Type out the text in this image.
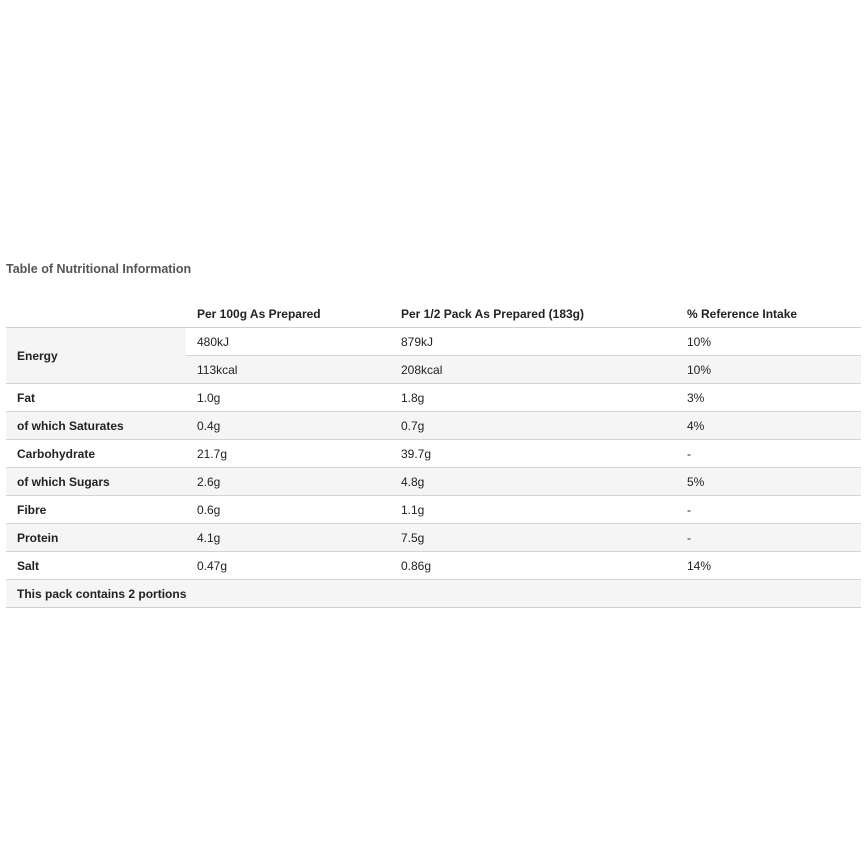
Table of Nutritional Information
	Per 100g As Prepared	Per 1/2 Pack As Prepared (183g)	% Reference Intake
Energy	480kJ	879kJ	10%
	113kcal	208kcal	10%
Fat	1.0g	1.8g	3%
of which Saturates	0.4g	0.7g	4%
Carbohydrate	21.7g	39.7g	-
of which Sugars	2.6g	4.8g	5%
Fibre	0.6g	1.1g	-
Protein	4.1g	7.5g	-
Salt	0.47g	0.86g	14%
This pack contains 2 portions			
